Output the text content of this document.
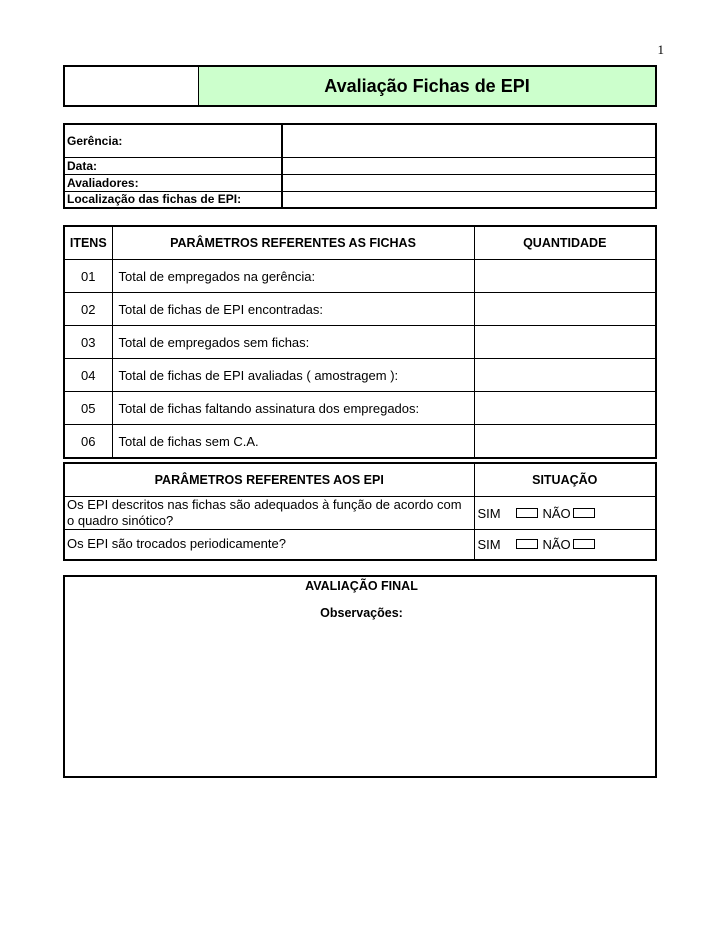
1
Avaliação Fichas de EPI
Gerência:	
Data:	
Avaliadores:	
Localização das fichas de EPI:	
ITENS	PARÂMETROS REFERENTES AS FICHAS	QUANTIDADE
01	Total de empregados na gerência:	
02	Total de fichas de EPI encontradas:	
03	Total de empregados sem fichas:	
04	Total de fichas de EPI avaliadas ( amostragem ):	
05	Total de fichas faltando assinatura dos empregados:	
06	Total de fichas sem C.A.	
PARÂMETROS REFERENTES AOS EPI	SITUAÇÃO
Os EPI descritos nas fichas são adequados à função de acordo com o quadro sinótico?	SIM NÃO

Os EPI são trocados periodicamente?	SIM NÃO
AVALIAÇÃO FINAL
Observações:
